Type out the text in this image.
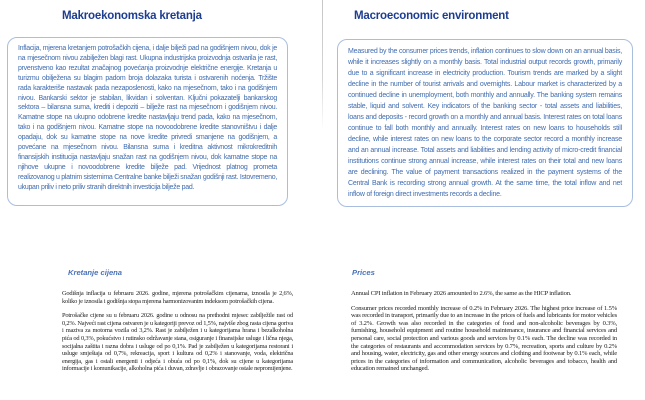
Makroekonomska kretanja
Inflacija, mjerena kretanjem potrošačkih cijena, i dalje bilježi pad na godišnjem nivou, dok je na mjesečnom nivou zabilježen blagi rast. Ukupna industrijska proizvodnja ostvarila je rast, prvenstveno kao rezultat značajnog povećanja proizvodnje električne energije. Kretanja u turizmu obilježena su blagim padom broja dolazaka turista i ostvarenih noćenja. Tržište rada karakteriše nastavak pada nezaposlenosti, kako na mjesečnom, tako i na godišnjem nivou. Bankarski sektor je stabilan, likvidan i solventan. Ključni pokazatelji bankarskog sektora – bilansna suma, krediti i depoziti – bilježe rast na mjesečnom i godišnjem nivou. Kamatne stope na ukupno odobrene kredite nastavljaju trend pada, kako na mjesečnom, tako i na godišnjem nivou. Kamatne stope na novoodobrene kredite stanovništvu i dalje opadaju, dok su kamatne stope na nove kredite privredi smanjene na godišnjem, a povećane na mjesečnom nivou. Bilansna suma i kreditna aktivnost mikrokreditnih finansijskih institucija nastavljaju snažan rast na godišnjem nivou, dok kamatne stope na njihove ukupne i novoodobrene kredite bilježe pad. Vrijednost platnog prometa realizovanog u platnim sistemima Centralne banke bilježi snažan godišnji rast. Istovremeno, ukupan priliv i neto priliv stranih direktnih investicija bilježe pad.
Kretanje cijena

Godišnja inflacija u februaru 2026. godine, mjerena potrošačkim cijenama, iznosila je 2,6%, koliko je iznosila i godišnja stopa mjerena harmonizovanim indeksom potrošačkih cijena.

Potrošačke cijene su u februaru 2026. godine u odnosu na prethodni mjesec zabilježile rast od 0,2%. Najveći rast cijena ostvaren je u kategoriji prevoz od 1,5%, najviše zbog rasta cijena goriva i maziva za motorna vozila od 3,2%. Rast je zabilježen i u kategorijama hrana i bezalkoholna pića od 0,3%, pokućstvo i rutinsko održavanje stana, osiguranje i finansijske usluge i lična njega, socijalna zaštita i razna dobra i usluge od po 0,1%. Pad je zabilježen u kategorijama restorani i usluge smještaja od 0,7%, rekreacija, sport i kultura od 0,2% i stanovanje, voda, električna energija, gas i ostali energenti i odjeća i obuća od po 0,1%, dok su cijene u kategorijama informacije i komunikacije, alkoholna pića i duvan, zdravlje i obrazovanje ostale nepromijenjene.

Macroeconomic environment
Measured by the consumer prices trends, inflation continues to slow down on an annual basis, while it increases slightly on a monthly basis. Total industrial output records growth, primarily due to a significant increase in electricity production. Tourism trends are marked by a slight decline in the number of tourist arrivals and overnights. Labour market is characterized by a continued decline in unemployment, both monthly and annually. The banking system remains stable, liquid and solvent. Key indicators of the banking sector - total assets and liabilities, loans and deposits - record growth on a monthly and annual basis. Interest rates on total loans continue to fall both monthly and annually. Interest rates on new loans to households still decline, while interest rates on new loans to the corporate sector record a monthly increase and an annual increase. Total assets and liabilities and lending activity of micro-credit financial institutions continue strong annual increase, while interest rates on their total and new loans are declining. The value of payment transactions realized in the payment systems of the Central Bank is recording strong annual growth. At the same time, the total inflow and net inflow of foreign direct investments records a decline.
Prices

Annual CPI inflation in February 2026 amounted to 2.6%, the same as the HICP inflation.

Consumer prices recorded monthly increase of 0.2% in February 2026. The highest price increase of 1.5% was recorded in transport, primarily due to an increase in the prices of fuels and lubricants for motor vehicles of 3.2%. Growth was also recorded in the categories of food and non-alcoholic beverages by 0.3%, furnishing, household equipment and routine household maintenance, insurance and financial services and personal care, social protection and various goods and services by 0.1% each. The decline was recorded in the categories of restaurants and accommodation services by 0.7%, recreation, sports and culture by 0.2% and housing, water, electricity, gas and other energy sources and clothing and footwear by 0.1% each, while prices in the categories of information and communication, alcoholic beverages and tobacco, health and education remained unchanged.
